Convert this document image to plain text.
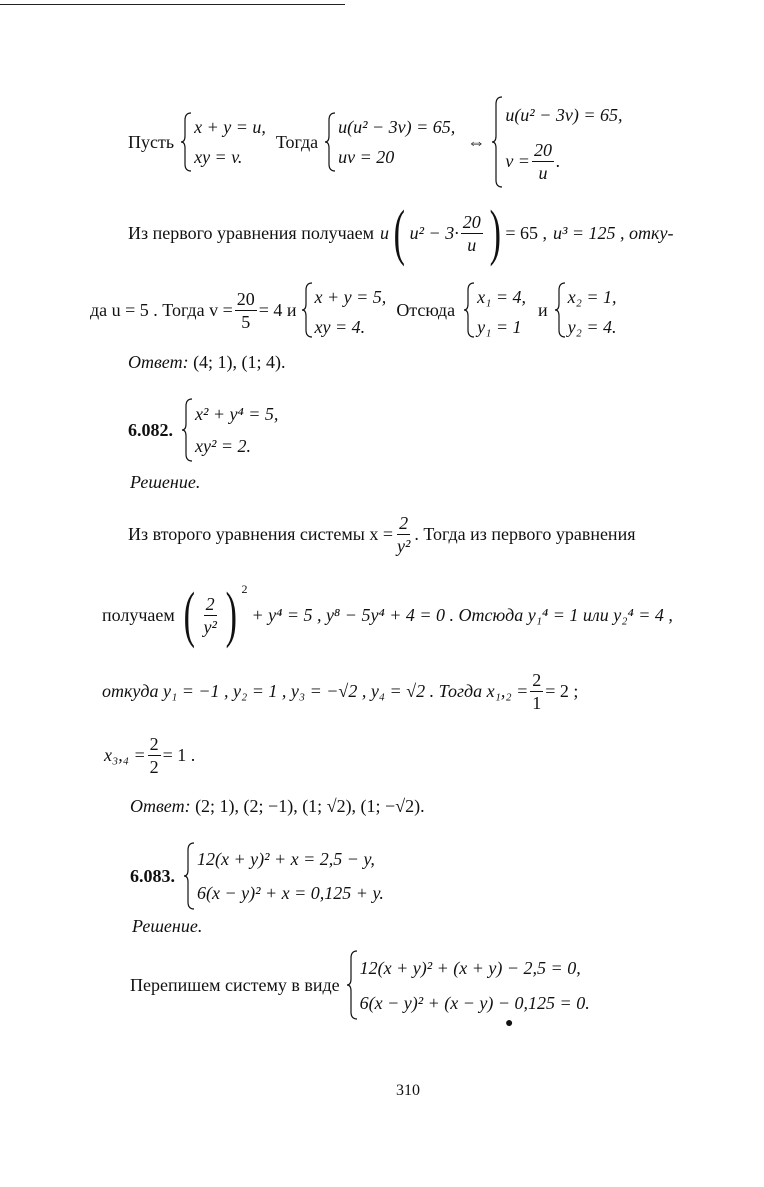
Пусть
x + y = u,
xy = v.
Тогда
u(u² − 3v) = 65,
uv = 20
⇔
u(u² − 3v) = 65,
$v = \frac{20}{u}$ .
Из первого уравнения получаем u ( $u^2 - 3\cdot \frac{20}{u}$ ) = 65 , u³ = 125 , отку-
да u = 5 . Тогда $v = \frac{20}{5} = 4$ и
x + y = 5,
xy = 4.
Отсюда
x₁ = 4,
y₁ = 1
и
x₂ = 1,
y₂ = 4.
Ответ: (4; 1), (1; 4).
6.082.
x² + y⁴ = 5,
xy² = 2.
Решение.
Из второго уравнения системы $x = \frac{2}{\text{y²}}$ . Тогда из первого уравнения
получаем ( $\frac{2}{\text{y²}}$ ) $^2$
+ y⁴ = 5 , y⁸ − 5y⁴ + 4 = 0 . Отсюда y₁⁴ = 1 или y₂⁴ = 4 ,
откуда y₁ = −1 , y₂ = 1 , y₃ = −√2 , y₄ = √2 . Тогда $x_1,_2 = \frac{2}{1} = 2$ ;
$x_3,_4 = \frac{2}{2} = 1$ .
Ответ: (2; 1), (2; −1), (1; √2), (1; −√2).
6.083.
12(x + y)² + x = 2,5 − y,
6(x − y)² + x = 0,125 + y.
Решение.
Перепишем систему в виде
12(x + y)² + (x + y) − 2,5 = 0,
6(x − y)² + (x − y) − 0,125 = 0.
●
310
